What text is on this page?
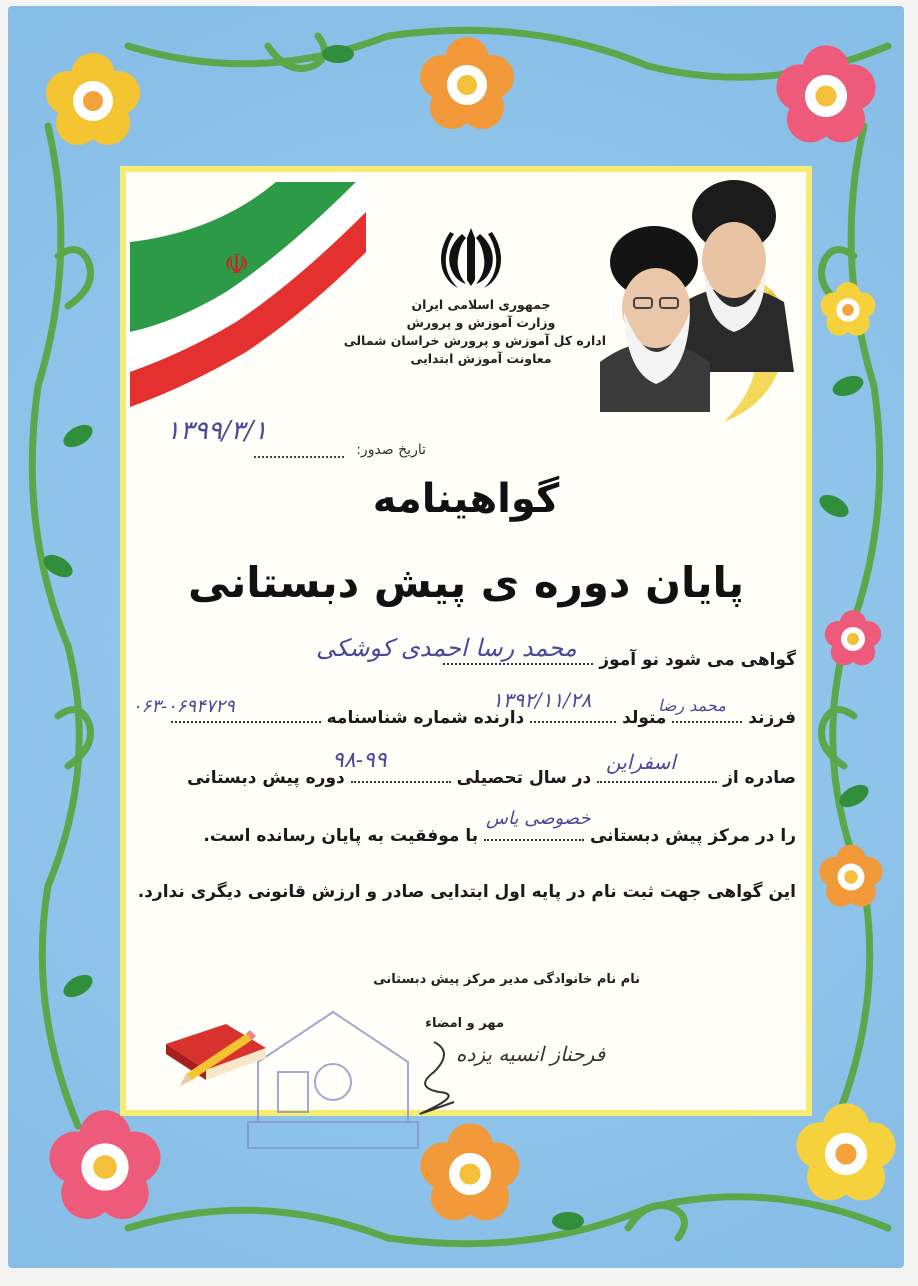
☫
جمهوری اسلامی ایران
وزارت آموزش و پرورش
اداره کل آموزش و پرورش خراسان شمالی
معاونت آموزش ابتدایی
تاریخ صدور:
۱۳۹۹/۳/۱
گواهینامه
پایان دوره ی پیش دبستانی
گواهی می شود نو آموز
محمد رسا احمدی کوشکی
فرزند  متولد  دارنده شماره شناسنامه
محمد رضا
۱۳۹۲/۱۱/۲۸
۰۶۳-۰۶۹۴۷۲۹
صادره از  در سال تحصیلی  دوره پیش دبستانی
اسفراین
۹۸-۹۹
را در مرکز پیش دبستانی  با موفقیت به پایان رسانده است.
خصوصی یاس
این گواهی جهت ثبت نام در پایه اول ابتدایی صادر و ارزش قانونی دیگری ندارد.
نام نام خانوادگی مدیر مرکز پیش دبستانی
مهر و امضاء
فرحناز انسیه یزده
